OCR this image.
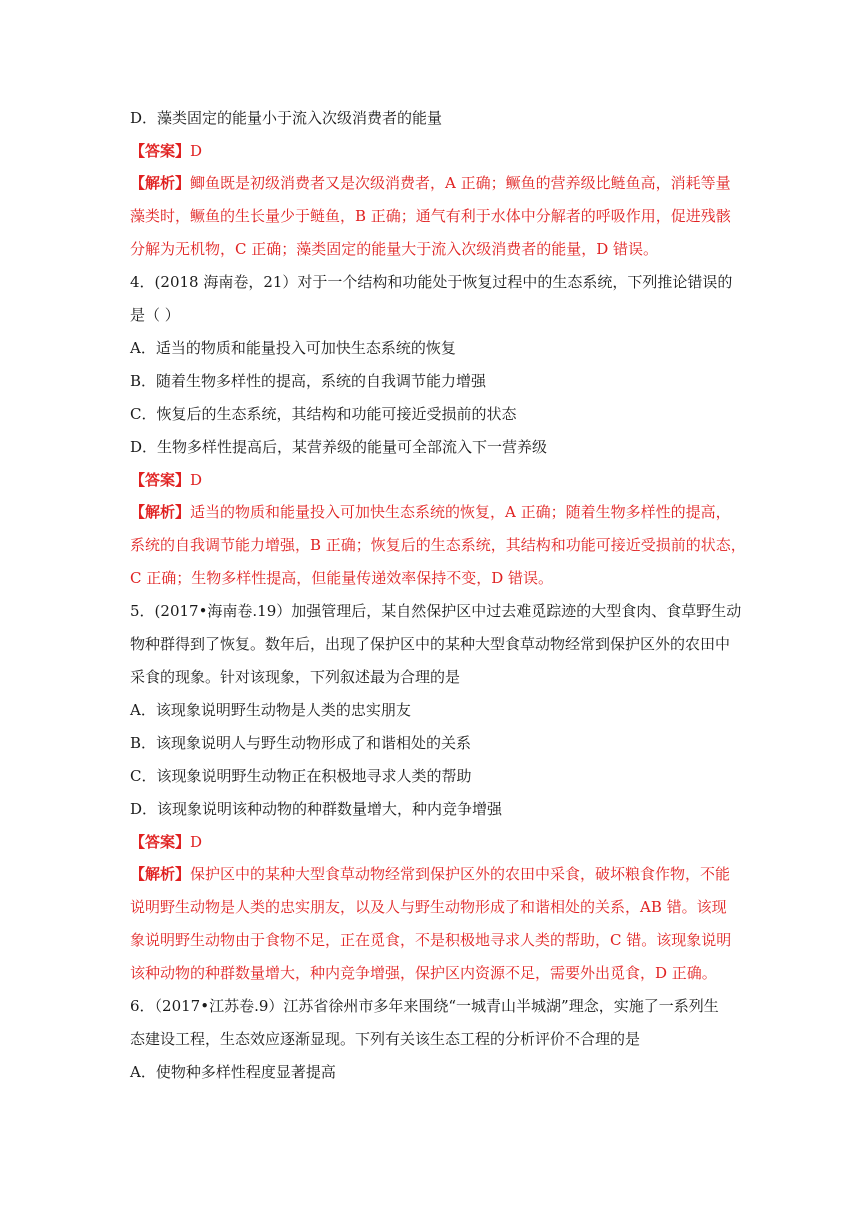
D．藻类固定的能量小于流入次级消费者的能量
【答案】D
【解析】鲫鱼既是初级消费者又是次级消费者，A 正确；鳜鱼的营养级比鲢鱼高，消耗等量
藻类时，鳜鱼的生长量少于鲢鱼，B 正确；通气有利于水体中分解者的呼吸作用，促进残骸
分解为无机物，C 正确；藻类固定的能量大于流入次级消费者的能量，D 错误。
4．(2018 海南卷，21）对于一个结构和功能处于恢复过程中的生态系统，下列推论错误的
是（ ）
A．适当的物质和能量投入可加快生态系统的恢复
B．随着生物多样性的提高，系统的自我调节能力增强
C．恢复后的生态系统，其结构和功能可接近受损前的状态
D．生物多样性提高后，某营养级的能量可全部流入下一营养级
【答案】D
【解析】适当的物质和能量投入可加快生态系统的恢复，A 正确；随着生物多样性的提高，
系统的自我调节能力增强，B 正确；恢复后的生态系统，其结构和功能可接近受损前的状态，
C 正确；生物多样性提高，但能量传递效率保持不变，D 错误。
5．(2017•海南卷.19）加强管理后，某自然保护区中过去难觅踪迹的大型食肉、食草野生动
物种群得到了恢复。数年后，出现了保护区中的某种大型食草动物经常到保护区外的农田中
采食的现象。针对该现象，下列叙述最为合理的是
A．该现象说明野生动物是人类的忠实朋友
B．该现象说明人与野生动物形成了和谐相处的关系
C．该现象说明野生动物正在积极地寻求人类的帮助
D．该现象说明该种动物的种群数量增大，种内竞争增强
【答案】D
【解析】保护区中的某种大型食草动物经常到保护区外的农田中采食，破坏粮食作物，不能
说明野生动物是人类的忠实朋友，以及人与野生动物形成了和谐相处的关系，AB 错。该现
象说明野生动物由于食物不足，正在觅食，不是积极地寻求人类的帮助，C 错。该现象说明
该种动物的种群数量增大，种内竞争增强，保护区内资源不足，需要外出觅食，D 正确。
6．（2017•江苏卷.9）江苏省徐州市多年来围绕“一城青山半城湖”理念，实施了一系列生
态建设工程，生态效应逐渐显现。下列有关该生态工程的分析评价不合理的是
A．使物种多样性程度显著提高
